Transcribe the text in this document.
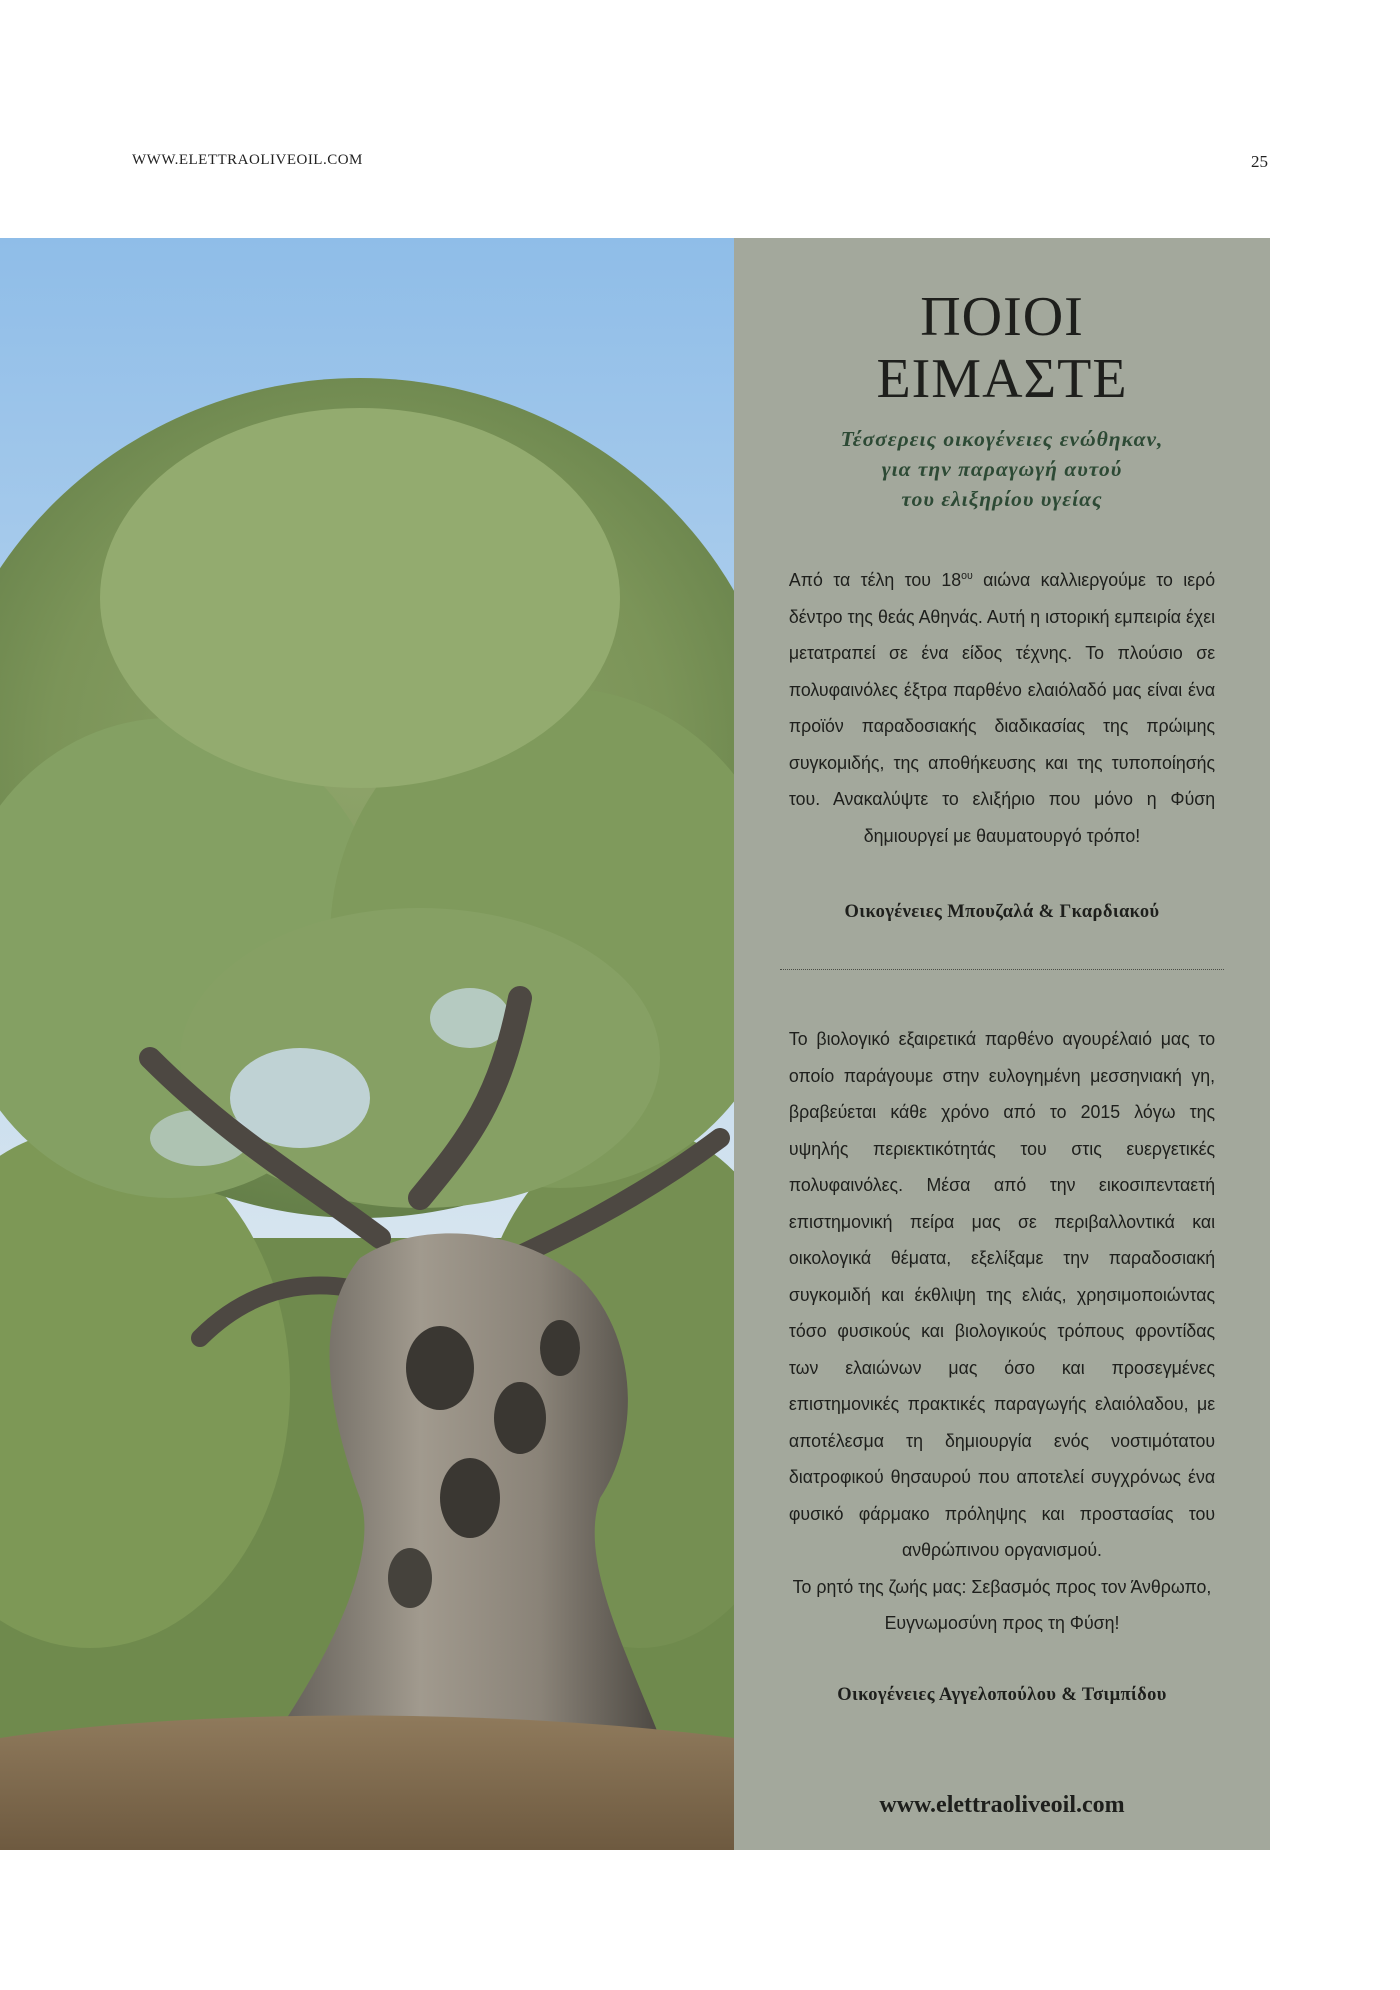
WWW.ELETTRAOLIVEOIL.COM	25
ΠΟΙΟΙ
ΕΙΜΑΣΤΕ
Τέσσερεις οικογένειες ενώθηκαν,
για την παραγωγή αυτού
του ελιξηρίου υγείας
Από τα τέλη του $18^{o\upsilon}$ αιώνα καλλιεργούμε το ιερό δέντρο της θεάς Αθηνάς. Αυτή η ιστορική εμπειρία έχει μετατραπεί σε ένα είδος τέχνης. Το πλούσιο σε πολυφαινόλες έξτρα παρθένο ελαιόλαδό μας είναι ένα προϊόν παραδοσιακής διαδικασίας της πρώιμης συγκομιδής, της αποθήκευσης και της τυποποίησής του. Ανακαλύψτε το ελιξήριο που μόνο η Φύση δημιουργεί με θαυματουργό τρόπο!
Οικογένειες Μπουζαλά & Γκαρδιακού
Το βιολογικό εξαιρετικά παρθένο αγουρέλαιό μας το οποίο παράγουμε στην ευλογημένη μεσσηνιακή γη, βραβεύεται κάθε χρόνο από το 2015 λόγω της υψηλής περιεκτικότητάς του στις ευεργετικές πολυφαινόλες. Μέσα από την εικοσιπενταετή επιστημονική πείρα μας σε περιβαλλοντικά και οικολογικά θέματα, εξελίξαμε την παραδοσιακή συγκομιδή και έκθλιψη της ελιάς, χρησιμοποιώντας τόσο φυσικούς και βιολογικούς τρόπους φροντίδας των ελαιώνων μας όσο και προσεγμένες επιστημονικές πρακτικές παραγωγής ελαιόλαδου, με αποτέλεσμα τη δημιουργία ενός νοστιμότατου διατροφικού θησαυρού που αποτελεί συγχρόνως ένα φυσικό φάρμακο πρόληψης και προστασίας του ανθρώπινου οργανισμού.
Το ρητό της ζωής μας: Σεβασμός προς τον Άνθρωπο,
Ευγνωμοσύνη προς τη Φύση!
Οικογένειες Αγγελοπούλου & Τσιμπίδου
www.elettraoliveoil.com
